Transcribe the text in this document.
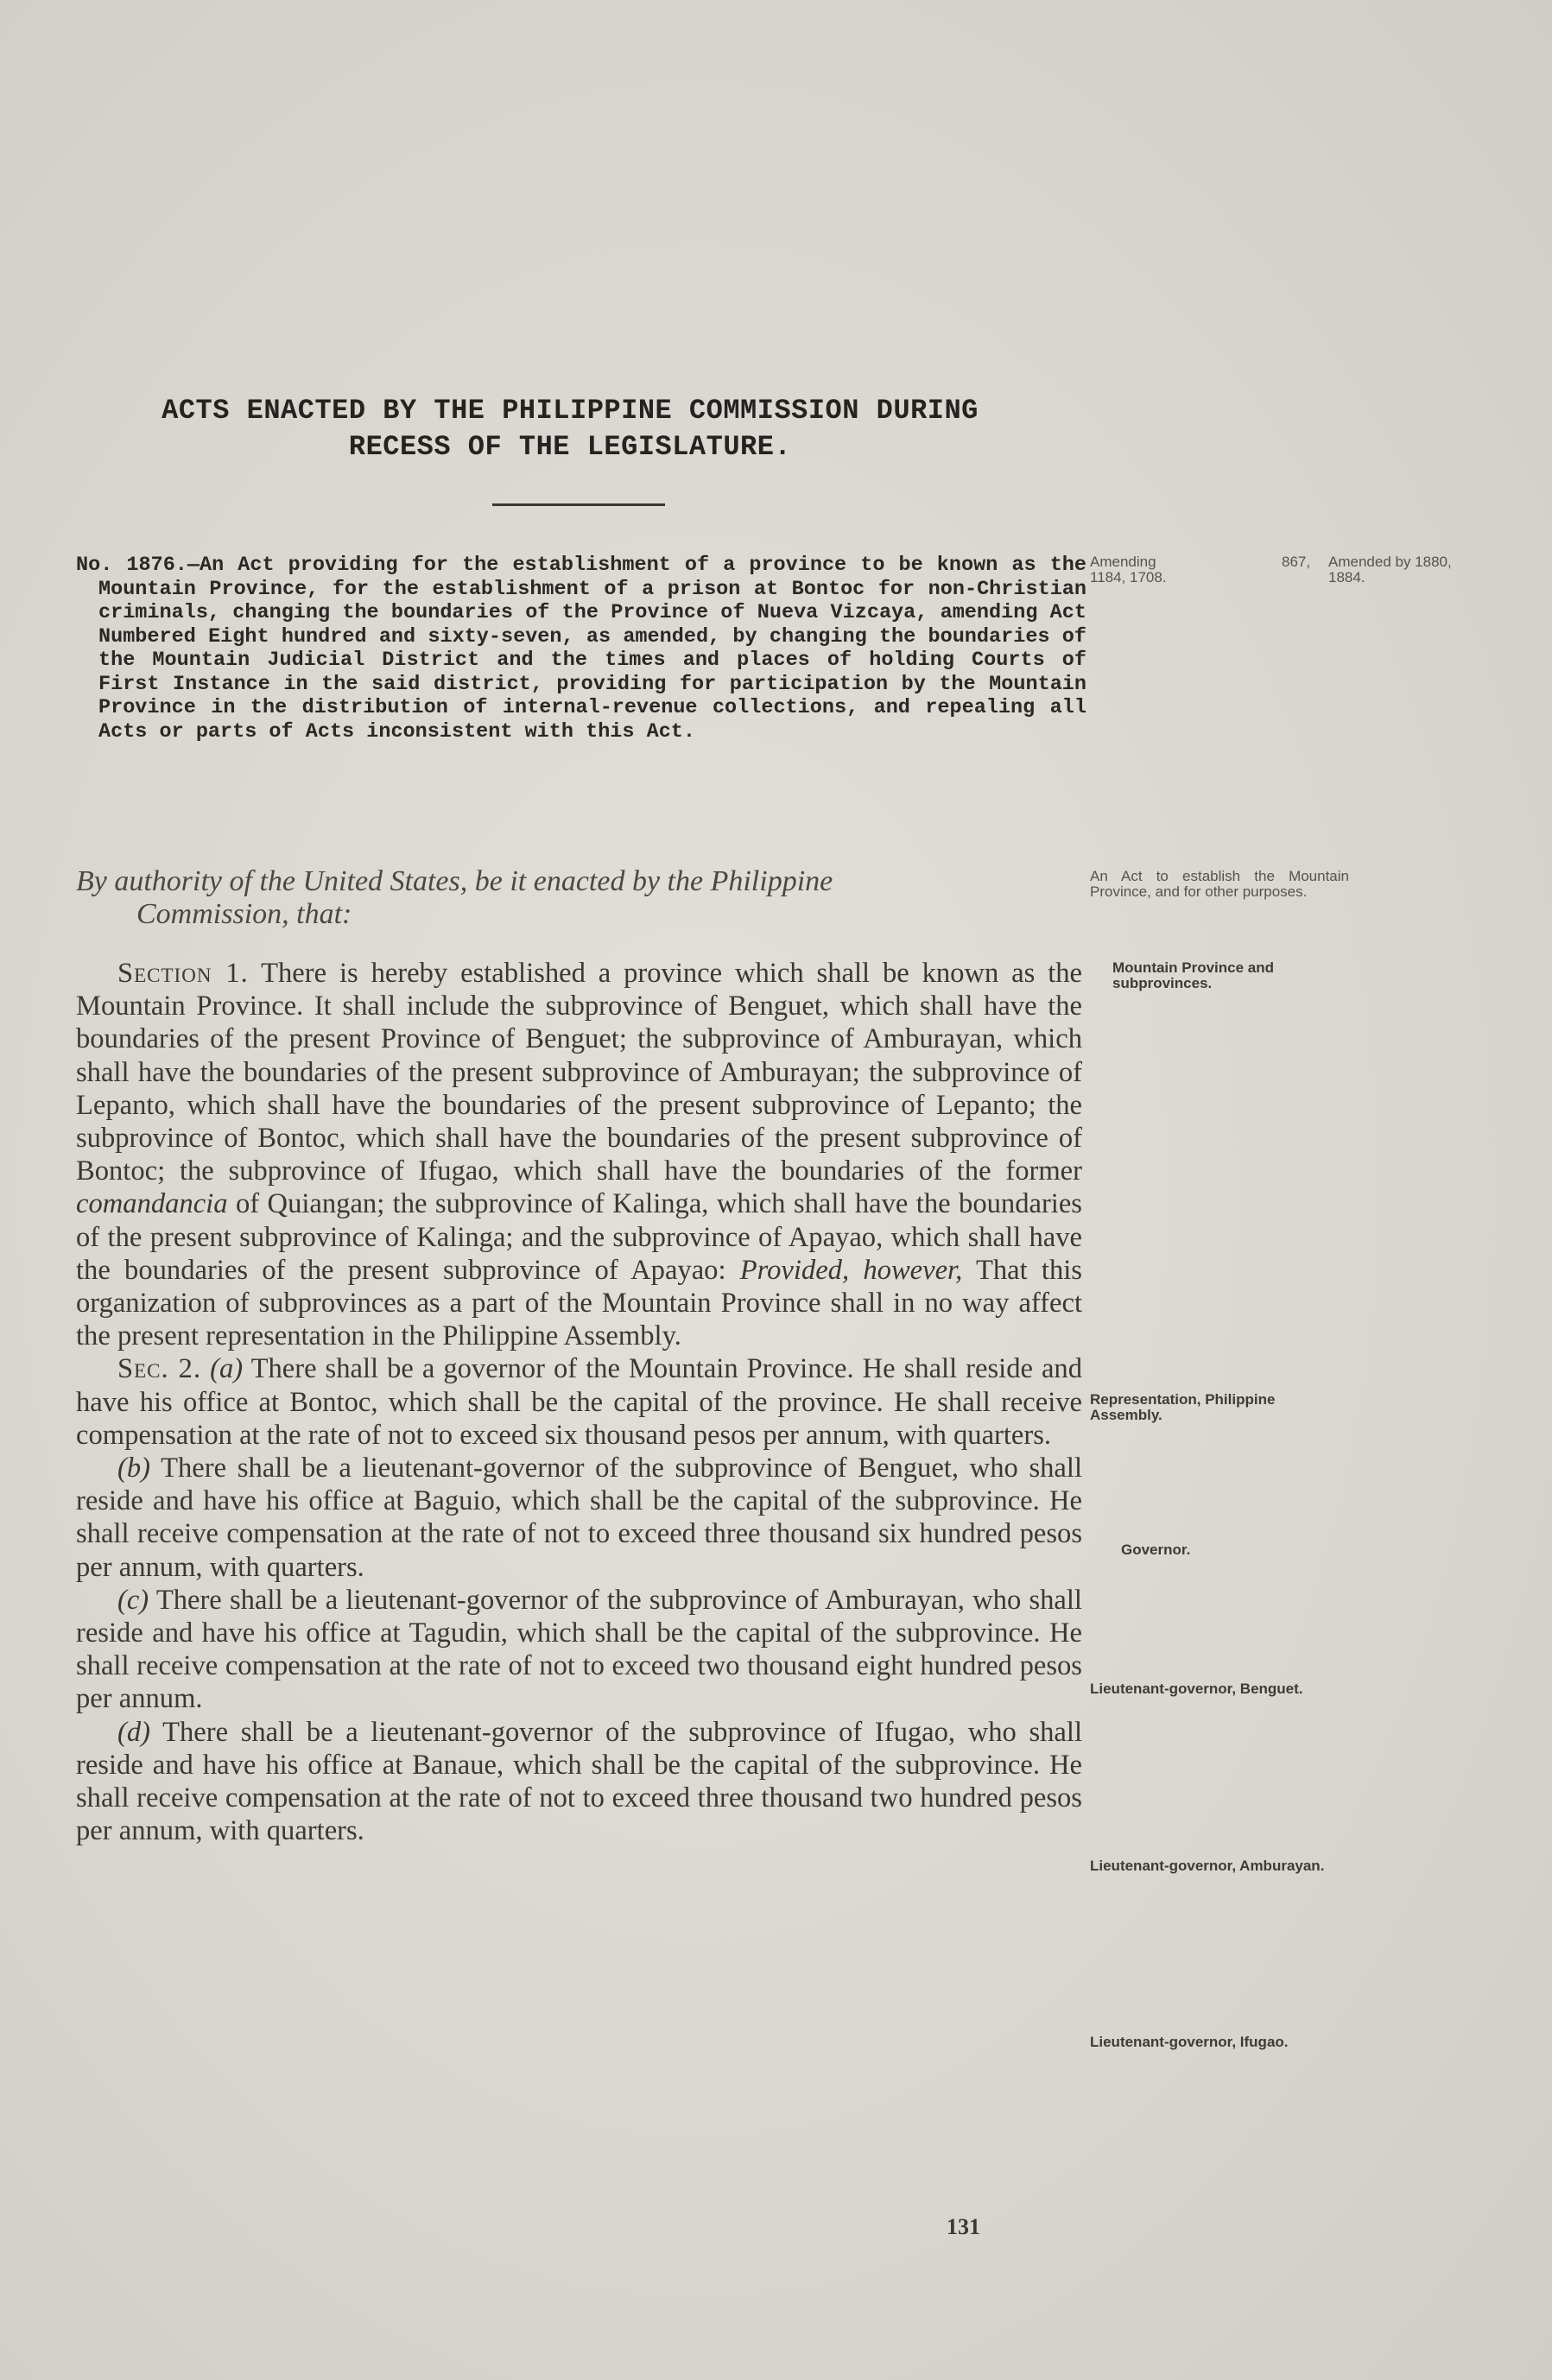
ACTS ENACTED BY THE PHILIPPINE COMMISSION DURING
RECESS OF THE LEGISLATURE.
No. 1876.—An Act providing for the establishment of a province to be known as the Mountain Province, for the establishment of a prison at Bontoc for non-Christian criminals, changing the boundaries of the Province of Nueva Vizcaya, amending Act Numbered Eight hundred and sixty-seven, as amended, by changing the boundaries of the Mountain Judicial District and the times and places of holding Courts of First Instance in the said district, providing for participation by the Mountain Province in the distribution of internal-revenue collections, and repealing all Acts or parts of Acts inconsistent with this Act.
By authority of the United States, be it enacted by the Philippine
Commission, that:

Section 1. There is hereby established a province which shall be known as the Mountain Province. It shall include the subprovince of Benguet, which shall have the boundaries of the present Province of Benguet; the subprovince of Amburayan, which shall have the boundaries of the present subprovince of Amburayan; the subprovince of Lepanto, which shall have the boundaries of the present subprovince of Lepanto; the subprovince of Bontoc, which shall have the boundaries of the present subprovince of Bontoc; the subprovince of Ifugao, which shall have the boundaries of the former comandancia of Quiangan; the subprovince of Kalinga, which shall have the boundaries of the present subprovince of Kalinga; and the subprovince of Apayao, which shall have the boundaries of the present subprovince of Apayao: Provided, however, That this organization of subprovinces as a part of the Mountain Province shall in no way affect the present representation in the Philippine Assembly.

Sec. 2. (a) There shall be a governor of the Mountain Province. He shall reside and have his office at Bontoc, which shall be the capital of the province. He shall receive compensation at the rate of not to exceed six thousand pesos per annum, with quarters.

(b) There shall be a lieutenant-governor of the subprovince of Benguet, who shall reside and have his office at Baguio, which shall be the capital of the subprovince. He shall receive compensation at the rate of not to exceed three thousand six hundred pesos per annum, with quarters.

(c) There shall be a lieutenant-governor of the subprovince of Amburayan, who shall reside and have his office at Tagudin, which shall be the capital of the subprovince. He shall receive compensation at the rate of not to exceed two thousand eight hundred pesos per annum.

(d) There shall be a lieutenant-governor of the subprovince of Ifugao, who shall reside and have his office at Banaue, which shall be the capital of the subprovince. He shall receive compensation at the rate of not to exceed three thousand two hundred pesos per annum, with quarters.

Amending
1184, 1708.
867,	Amended by 1880, 1884.
An Act to establish the Mountain Province, and for other purposes.
Mountain Province and subprovinces.
Representation, Philippine Assembly.
Governor.
Lieutenant-governor, Benguet.
Lieutenant-governor, Amburayan.
Lieutenant-governor, Ifugao.
131
